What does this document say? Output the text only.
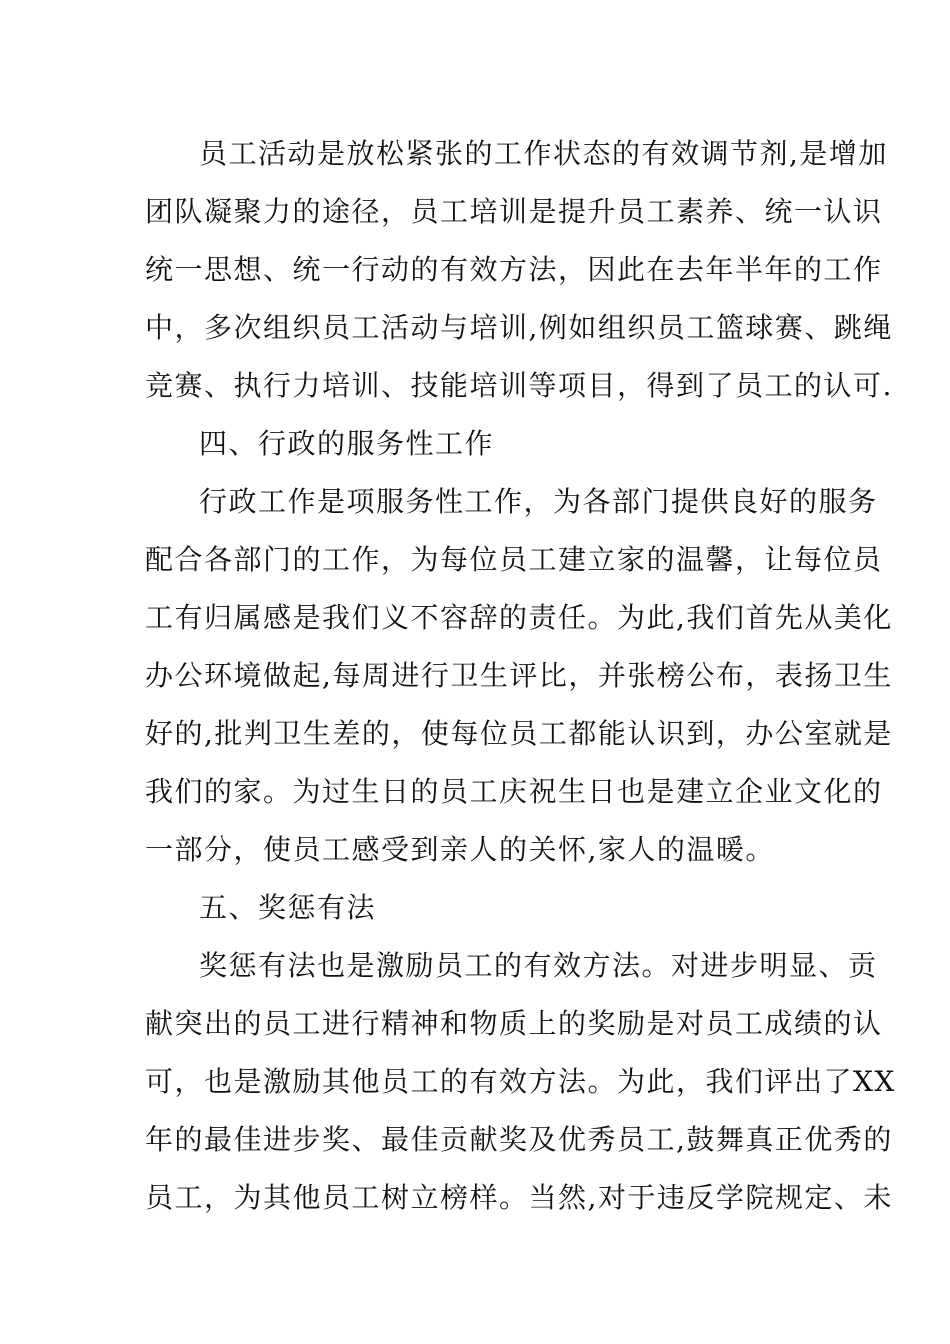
员工活动是放松紧张的工作状态的有效调节剂,是增加
团队凝聚力的途径，员工培训是提升员工素养、统一认识
统一思想、统一行动的有效方法，因此在去年半年的工作
中，多次组织员工活动与培训,例如组织员工篮球赛、跳绳
竞赛、执行力培训、技能培训等项目，得到了员工的认可.
四、行政的服务性工作
行政工作是项服务性工作，为各部门提供良好的服务
配合各部门的工作，为每位员工建立家的温馨，让每位员
工有归属感是我们义不容辞的责任。为此,我们首先从美化
办公环境做起,每周进行卫生评比，并张榜公布，表扬卫生
好的,批判卫生差的，使每位员工都能认识到，办公室就是
我们的家。为过生日的员工庆祝生日也是建立企业文化的
一部分，使员工感受到亲人的关怀,家人的温暖。
五、奖惩有法
奖惩有法也是激励员工的有效方法。对进步明显、贡
献突出的员工进行精神和物质上的奖励是对员工成绩的认
可，也是激励其他员工的有效方法。为此，我们评出了XX
年的最佳进步奖、最佳贡献奖及优秀员工,鼓舞真正优秀的
员工，为其他员工树立榜样。当然,对于违反学院规定、未
